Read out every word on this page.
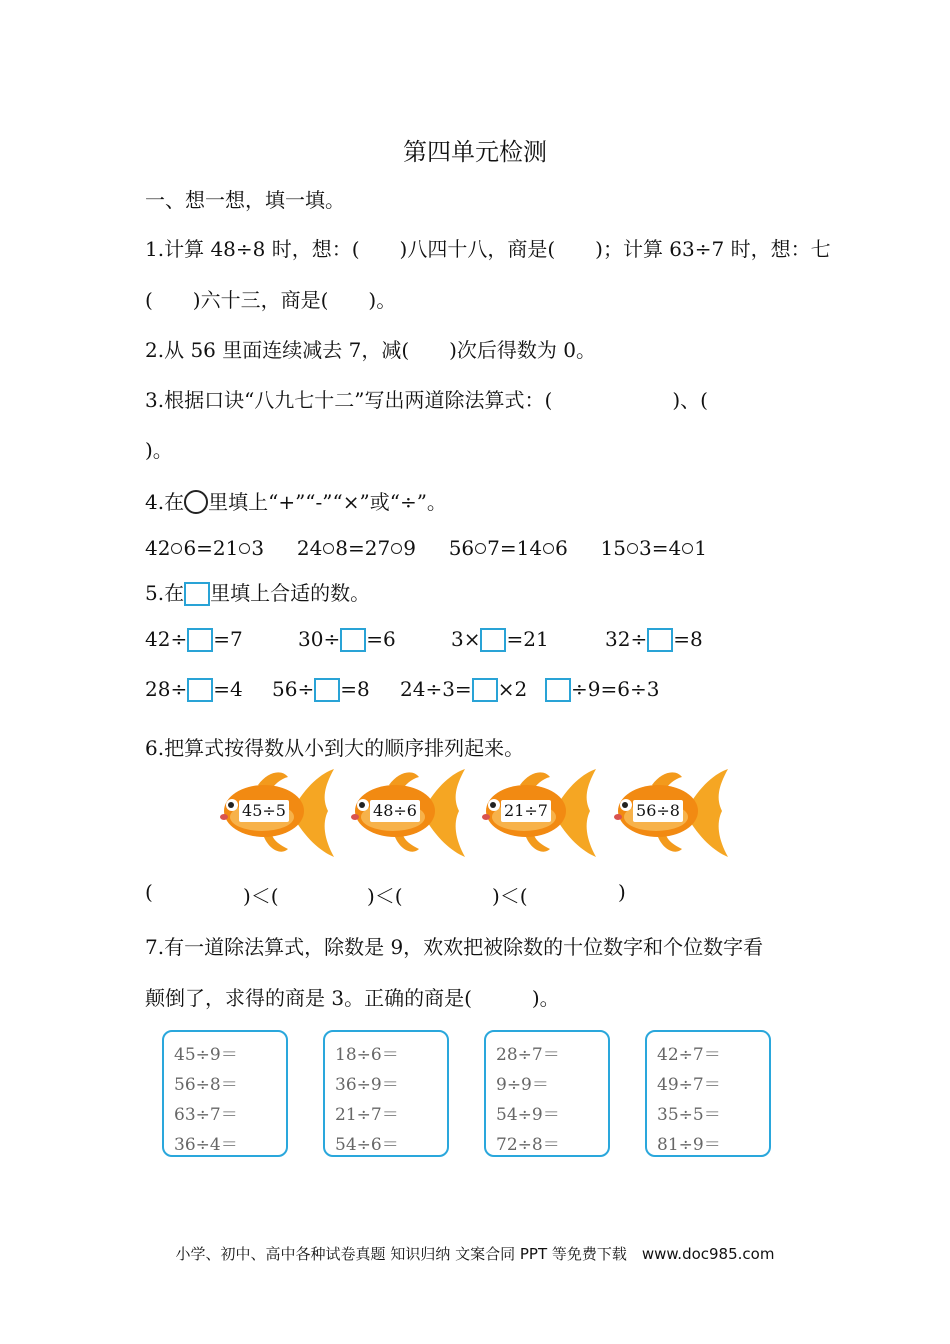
第四单元检测
一、想一想，填一填。
1.计算 48÷8 时，想：(　　)八四十八，商是(　　)；计算 63÷7 时，想：七
(　　)六十三，商是(　　)。
2.从 56 里面连续减去 7，减(　　)次后得数为 0。
3.根据口诀“八九七十二”写出两道除法算式：(　　　　　　)、(
)。
4.在 里填上“+”“-”“×”或“÷”。
42 6=21 3 24 8=27 9 56 7=14 6 15 3=4 1
5.在 里填上合适的数。
42÷ =7	30÷ =6	3× =21	32÷ =8
28÷ =4 56÷ =8 24÷3= ×2	÷9=6÷3
6.把算式按得数从小到大的顺序排列起来。
45÷5	48÷6	21÷7	56÷8
(	)＜(	)＜(	)＜(	)
7.有一道除法算式，除数是 9，欢欢把被除数的十位数字和个位数字看
颠倒了，求得的商是 3。正确的商是(　　　)。
45÷9＝
56÷8＝
63÷7＝
36÷4＝
18÷6＝
36÷9＝
21÷7＝
54÷6＝
28÷7＝
9÷9＝
54÷9＝
72÷8＝
42÷7＝
49÷7＝
35÷5＝
81÷9＝
小学、初中、高中各种试卷真题 知识归纳 文案合同 PPT 等免费下载　www.doc985.com
